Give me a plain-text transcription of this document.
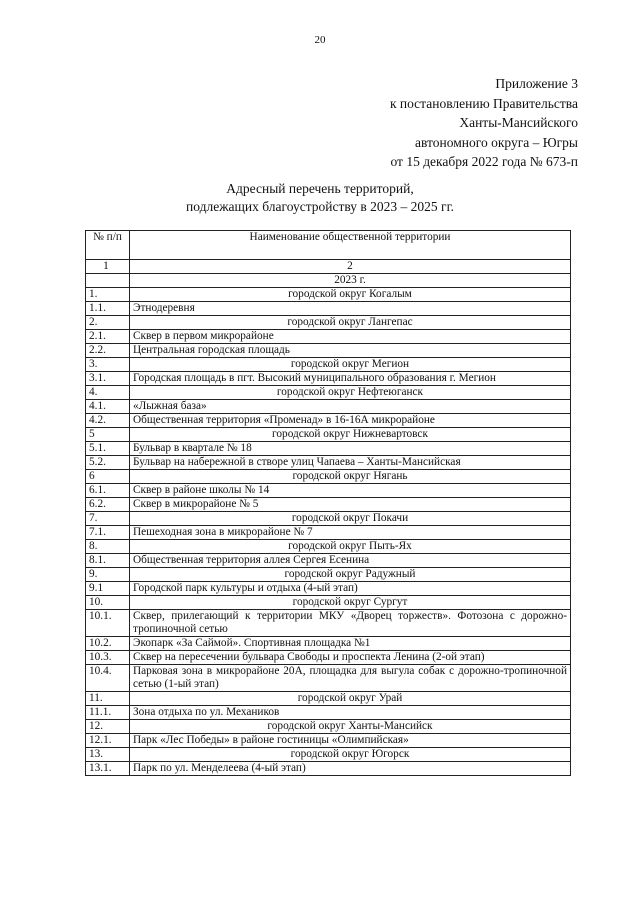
20
Приложение 3
к постановлению Правительства
Ханты-Мансийского
автономного округа – Югры
от 15 декабря 2022 года № 673-п
Адресный перечень территорий,
подлежащих благоустройству в 2023 – 2025 гг.
№ п/п	Наименование общественной территории
1	2
	2023 г.
1.	городской округ Когалым
1.1.	Этнодеревня
2.	городской округ Лангепас
2.1.	Сквер в первом микрорайоне
2.2.	Центральная городская площадь
3.	городской округ Мегион
3.1.	Городская площадь в пгт. Высокий муниципального образования г. Мегион
4.	городской округ Нефтеюганск
4.1.	«Лыжная база»
4.2.	Общественная территория «Променад» в 16-16А микрорайоне
5	городской округ Нижневартовск
5.1.	Бульвар в квартале № 18
5.2.	Бульвар на набережной в створе улиц Чапаева – Ханты-Мансийская
6	городской округ Нягань
6.1.	Сквер в районе школы № 14
6.2.	Сквер в микрорайоне № 5
7.	городской округ Покачи
7.1.	Пешеходная зона в микрорайоне № 7
8.	городской округ Пыть-Ях
8.1.	Общественная территория аллея Сергея Есенина
9.	городской округ Радужный
9.1	Городской парк культуры и отдыха (4-ый этап)
10.	городской округ Сургут
10.1.	Сквер, прилегающий к территории МКУ «Дворец торжеств». Фотозона с дорожно-тропиночной сетью
10.2.	Экопарк «За Саймой». Спортивная площадка №1
10.3.	Сквер на пересечении бульвара Свободы и проспекта Ленина (2-ой этап)
10.4.	Парковая зона в микрорайоне 20А, площадка для выгула собак с дорожно-тропиночной сетью (1-ый этап)
11.	городской округ Урай
11.1.	Зона отдыха по ул. Механиков
12.	городской округ Ханты-Мансийск
12.1.	Парк «Лес Победы» в районе гостиницы «Олимпийская»
13.	городской округ Югорск
13.1.	Парк по ул. Менделеева (4-ый этап)
